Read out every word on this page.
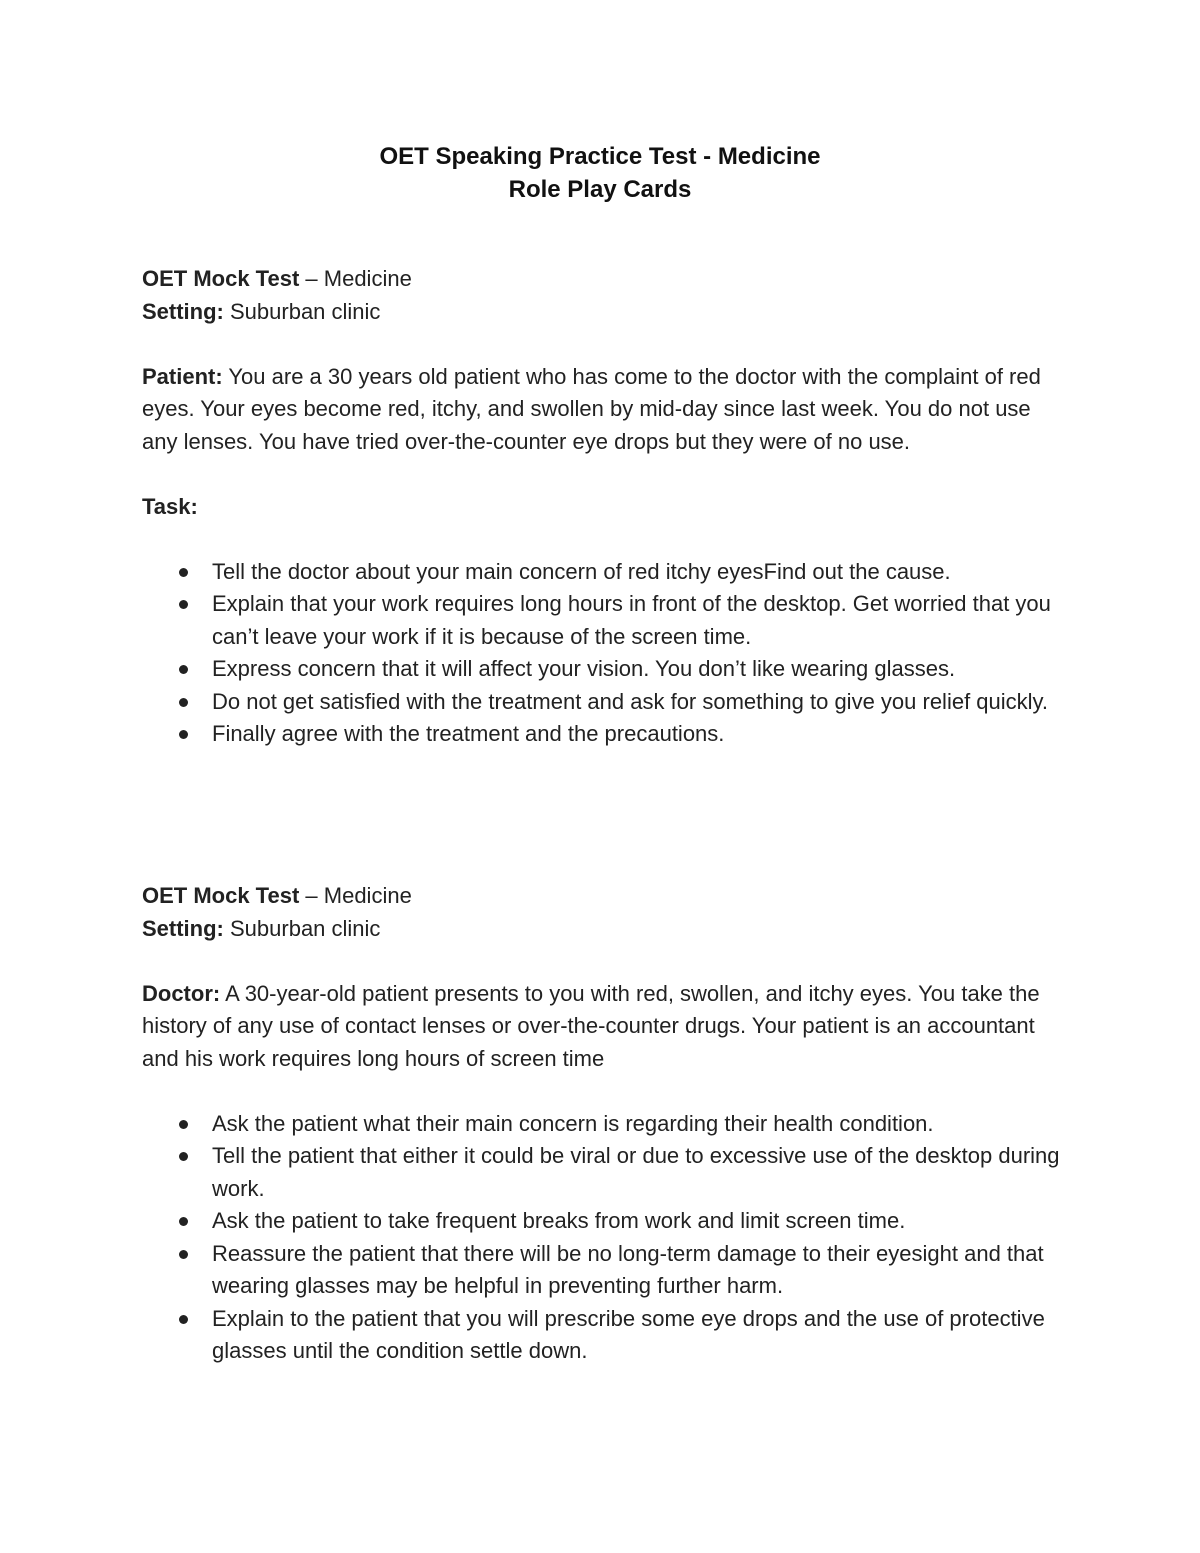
OET Speaking Practice Test - Medicine
Role Play Cards

OET Mock Test – Medicine

Setting: Suburban clinic

Patient: You are a 30 years old patient who has come to the doctor with the complaint of red eyes. Your eyes become red, itchy, and swollen by mid-day since last week. You do not use any lenses. You have tried over-the-counter eye drops but they were of no use.

Task:

Tell the doctor about your main concern of red itchy eyesFind out the cause.
Explain that your work requires long hours in front of the desktop. Get worried that you can’t leave your work if it is because of the screen time.
Express concern that it will affect your vision. You don’t like wearing glasses.
Do not get satisfied with the treatment and ask for something to give you relief quickly.
Finally agree with the treatment and the precautions.

OET Mock Test – Medicine

Setting: Suburban clinic

Doctor: A 30-year-old patient presents to you with red, swollen, and itchy eyes. You take the history of any use of contact lenses or over-the-counter drugs. Your patient is an accountant and his work requires long hours of screen time

Ask the patient what their main concern is regarding their health condition.
Tell the patient that either it could be viral or due to excessive use of the desktop during work.
Ask the patient to take frequent breaks from work and limit screen time.
Reassure the patient that there will be no long-term damage to their eyesight and that wearing glasses may be helpful in preventing further harm.
Explain to the patient that you will prescribe some eye drops and the use of protective glasses until the condition settle down.
